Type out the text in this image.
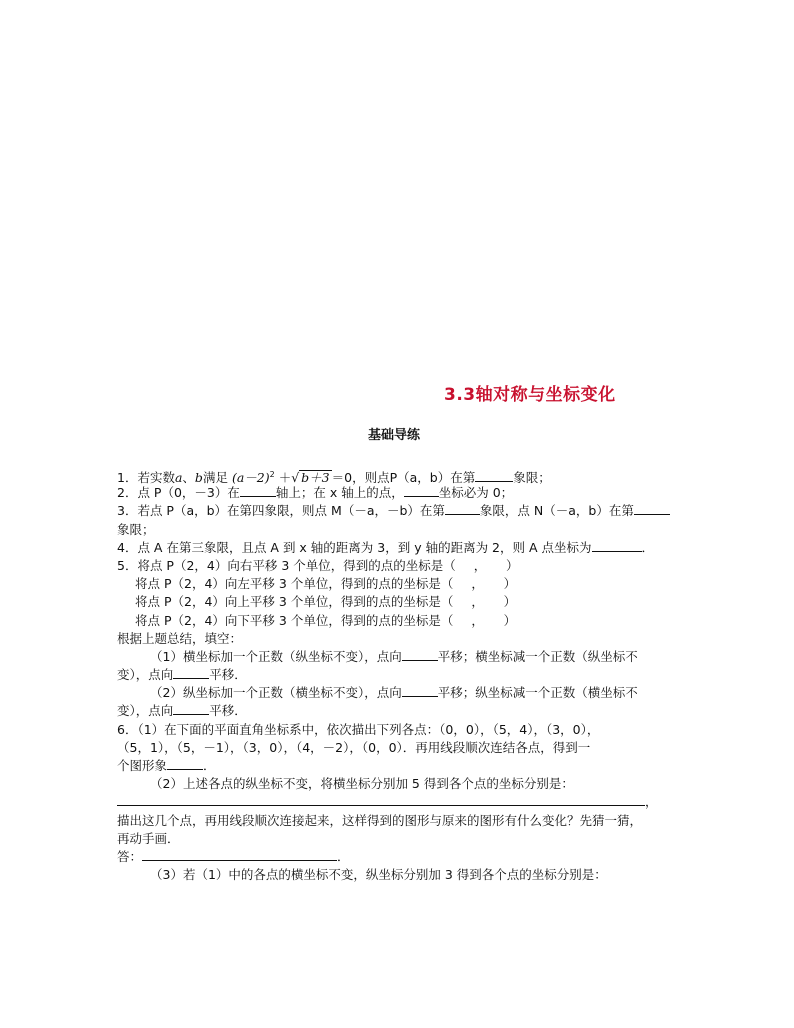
3.3轴对称与坐标变化
基础导练
1．若实数a、b满足 $(a-2)^2$ ＋√ b＋3 ＝0，则点P（a，b）在第	象限；
2．点 P（0，－3）在	轴上；在 x 轴上的点，	坐标必为 0；
3．若点 P（a，b）在第四象限，则点 M（－a，－b）在第	象限，点 N（－a，b）在第
象限；
4．点 A 在第三象限，且点 A 到 x 轴的距离为 3，到 y 轴的距离为 2，则 A 点坐标为	．
5．将点 P（2，4）向右平移 3 个单位，得到的点的坐标是（ ， ）
将点 P（2，4）向左平移 3 个单位，得到的点的坐标是（ ， ）
将点 P（2，4）向上平移 3 个单位，得到的点的坐标是（ ， ）
将点 P（2，4）向下平移 3 个单位，得到的点的坐标是（ ， ）
根据上题总结，填空：
（1）横坐标加一个正数（纵坐标不变），点向	平移；横坐标减一个正数（纵坐标不
变），点向	平移．
（2）纵坐标加一个正数（横坐标不变），点向	平移；纵坐标减一个正数（横坐标不
变），点向	平移．
6．（1）在下面的平面直角坐标系中，依次描出下列各点：（0，0），（5，4），（3，0），
（5，1），（5，－1），（3，0），（4，－2），（0，0）．再用线段顺次连结各点，得到一
个图形象	．
（2）上述各点的纵坐标不变，将横坐标分别加 5 得到各个点的坐标分别是：
，
描出这几个点，再用线段顺次连接起来，这样得到的图形与原来的图形有什么变化？先猜一猜，
再动手画．
答：	．
（3）若（1）中的各点的横坐标不变，纵坐标分别加 3 得到各个点的坐标分别是：
